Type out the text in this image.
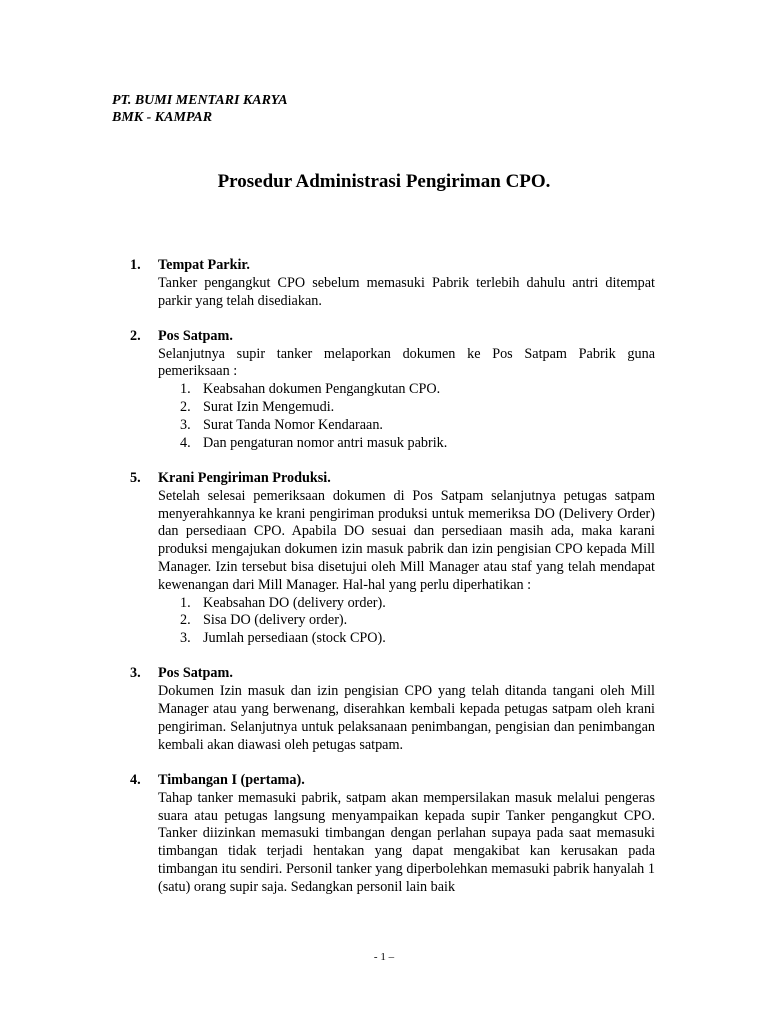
PT. BUMI MENTARI KARYA
BMK - KAMPAR
Prosedur Administrasi Pengiriman CPO.
1.	Tempat Parkir.
Tanker pengangkut CPO sebelum memasuki Pabrik terlebih dahulu antri ditempat parkir yang telah disediakan.
2.	Pos Satpam.
Selanjutnya supir tanker melaporkan dokumen ke Pos Satpam Pabrik guna pemeriksaan :
1. Keabsahan dokumen Pengangkutan CPO.
2. Surat Izin Mengemudi.
3. Surat Tanda Nomor Kendaraan.
4. Dan pengaturan nomor antri masuk pabrik.
5.	Krani Pengiriman Produksi.
Setelah selesai pemeriksaan dokumen di Pos Satpam selanjutnya petugas satpam menyerahkannya ke krani pengiriman produksi untuk memeriksa DO (Delivery Order) dan persediaan CPO. Apabila DO sesuai dan persediaan masih ada, maka karani produksi mengajukan dokumen izin masuk pabrik dan izin pengisian CPO kepada Mill Manager. Izin tersebut bisa disetujui oleh Mill Manager atau staf yang telah mendapat kewenangan dari Mill Manager. Hal-hal yang perlu diperhatikan :
1. Keabsahan DO (delivery order).
2. Sisa DO (delivery order).
3. Jumlah persediaan (stock CPO).
3.	Pos Satpam.
Dokumen Izin masuk dan izin pengisian CPO yang telah ditanda tangani oleh Mill Manager atau yang berwenang, diserahkan kembali kepada petugas satpam oleh krani pengiriman. Selanjutnya untuk pelaksanaan penimbangan, pengisian dan penimbangan kembali akan diawasi oleh petugas satpam.
4.	Timbangan I (pertama).
Tahap tanker memasuki pabrik, satpam akan mempersilakan masuk melalui pengeras suara atau petugas langsung menyampaikan kepada supir Tanker pengangkut CPO. Tanker diizinkan memasuki timbangan dengan perlahan supaya pada saat memasuki timbangan tidak terjadi hentakan yang dapat mengakibat kan kerusakan pada timbangan itu sendiri. Personil tanker yang diperbolehkan memasuki pabrik hanyalah 1 (satu) orang supir saja. Sedangkan personil lain baik
- 1 –
